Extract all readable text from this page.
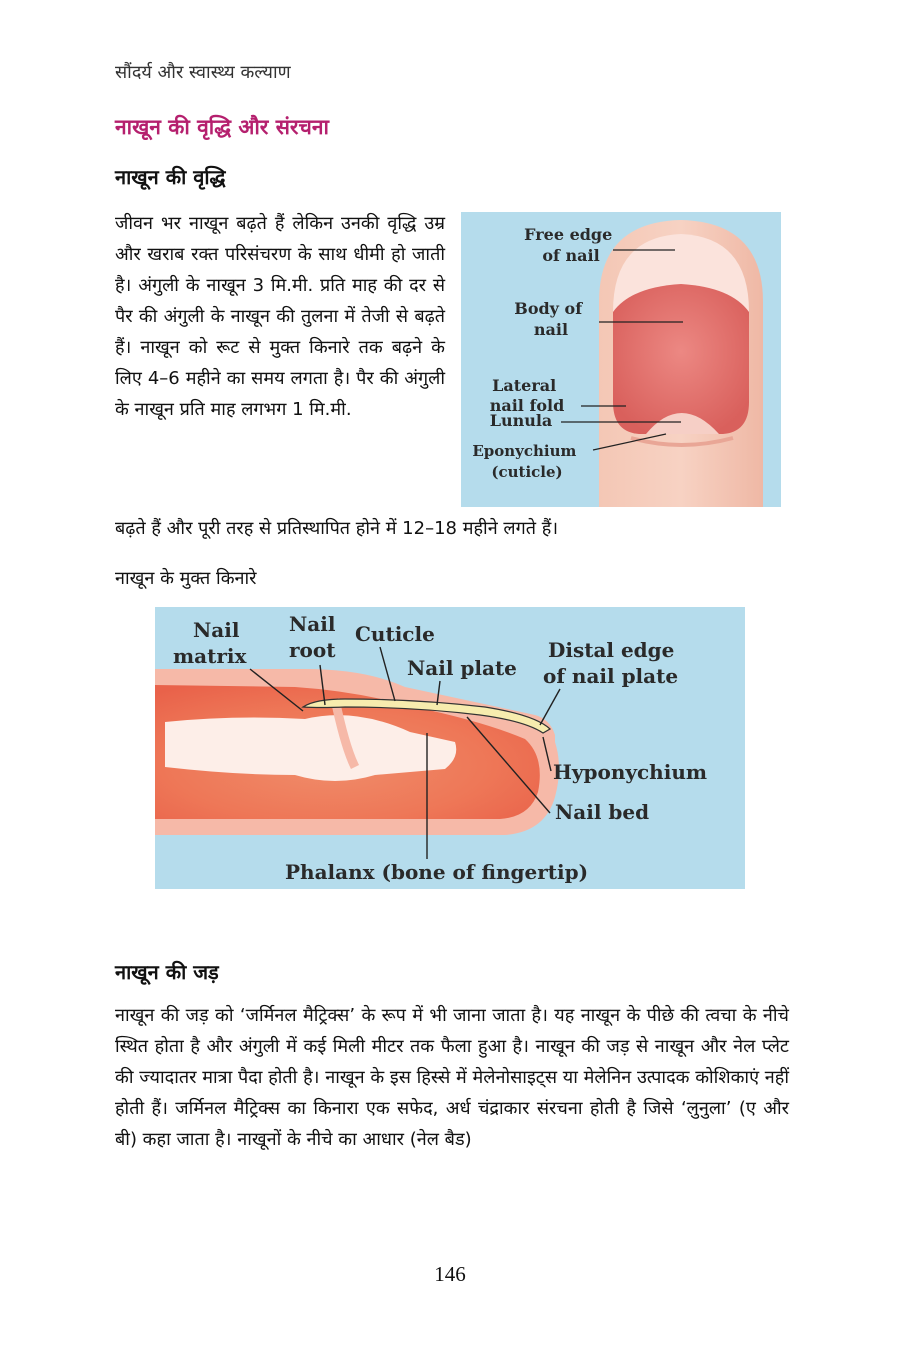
सौंदर्य और स्वास्थ्य कल्याण
नाखून की वृद्धि और संरचना
नाखून की वृद्धि

जीवन भर नाखून बढ़ते हैं लेकिन उनकी वृद्धि उम्र और खराब रक्त परिसंचरण के साथ धीमी हो जाती है। अंगुली के नाखून 3 मि.मी. प्रति माह की दर से पैर की अंगुली के नाखून की तुलना में तेजी से बढ़ते हैं। नाखून को रूट से मुक्त किनारे तक बढ़ने के लिए 4–6 महीने का समय लगता है। पैर की अंगुली के नाखून प्रति माह लगभग 1 मि.मी.

बढ़ते हैं और पूरी तरह से प्रतिस्थापित होने में 12–18 महीने लगते हैं।
Free edge of nail
Body of nail
Lateral nail fold
Lunula
Eponychium (cuticle)
नाखून के मुक्त किनारे
Nail matrix
Nail root
Cuticle
Nail plate
Distal edge of nail plate
Hyponychium
Nail bed
Phalanx (bone of fingertip)
नाखून की जड़

नाखून की जड़ को ‘जर्मिनल मैट्रिक्स’ के रूप में भी जाना जाता है। यह नाखून के पीछे की त्वचा के नीचे स्थित होता है और अंगुली में कई मिली मीटर तक फैला हुआ है। नाखून की जड़ से नाखून और नेल प्लेट की ज्यादातर मात्रा पैदा होती है। नाखून के इस हिस्से में मेलेनोसाइट्स या मेलेनिन उत्पादक कोशिकाएं नहीं होती हैं। जर्मिनल मैट्रिक्स का किनारा एक सफेद, अर्ध चंद्राकार संरचना होती है जिसे ‘लुनुला’ (ए और बी) कहा जाता है। नाखूनों के नीचे का आधार (नेल बैड)

146
